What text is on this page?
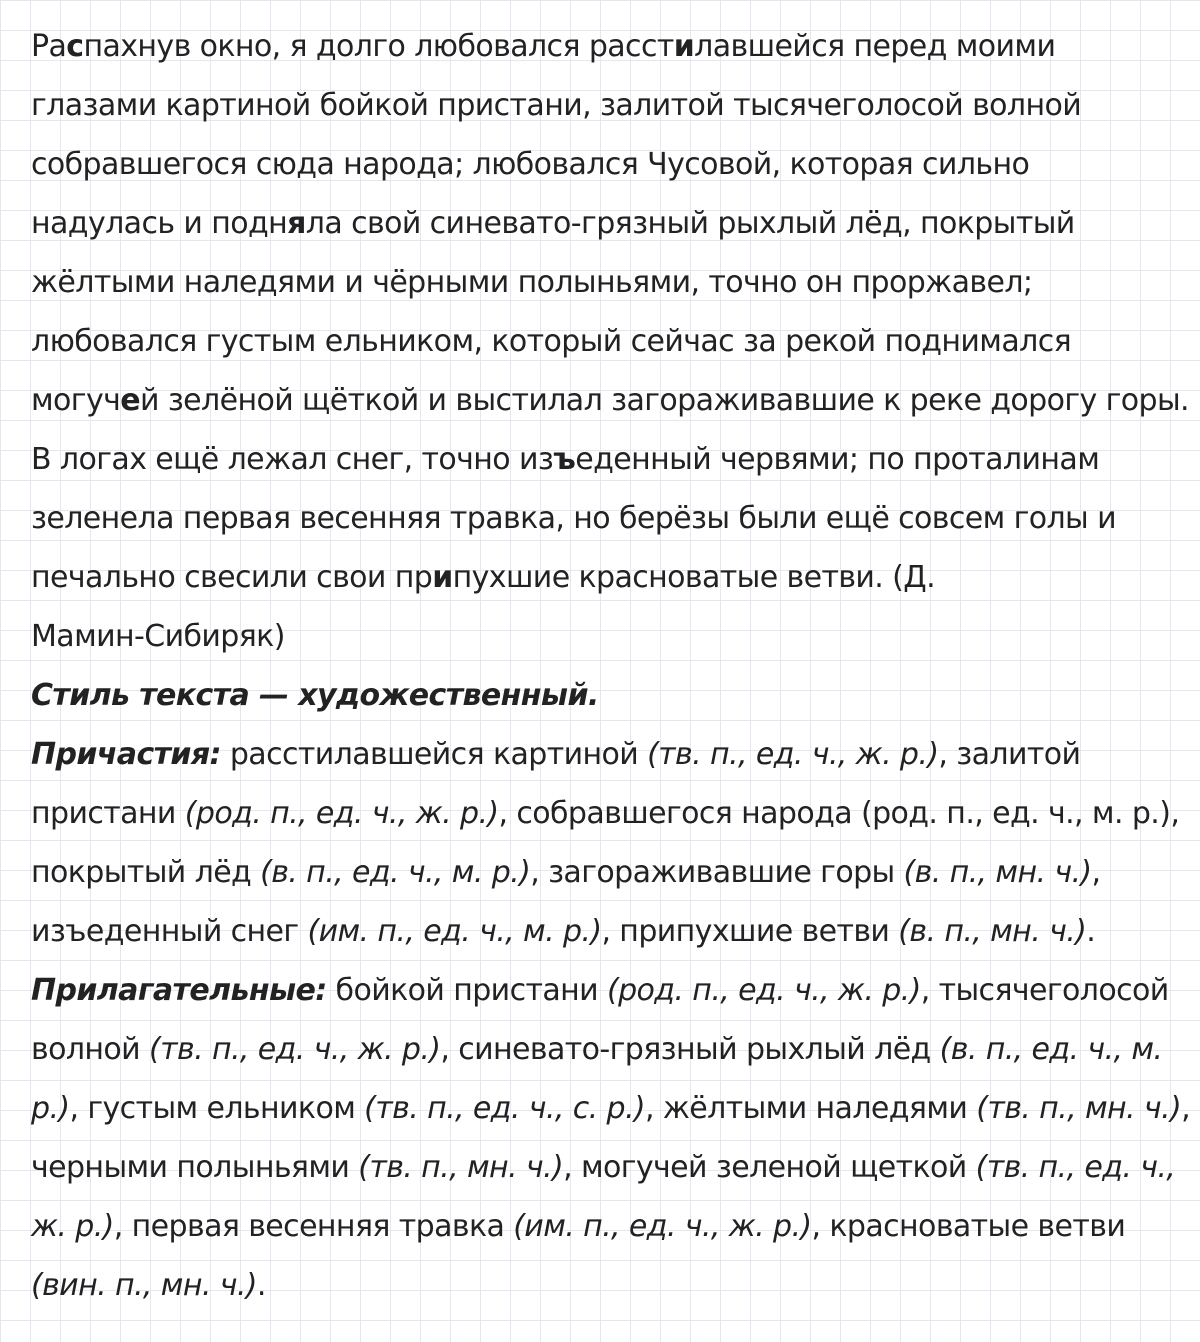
Распахнув окно, я долго любовался расстилавшейся перед моими
глазами картиной бойкой пристани, залитой тысячеголосой волной
собравшегося сюда народа; любовался Чусовой, которая сильно
надулась и подняла свой синевато-грязный рыхлый лёд, покрытый
жёлтыми наледями и чёрными полыньями, точно он проржавел;
любовался густым ельником, который сейчас за рекой поднимался
могучей зелёной щёткой и выстилал загораживавшие к реке дорогу горы.
В логах ещё лежал снег, точно изъеденный червями; по проталинам
зеленела первая весенняя травка, но берёзы были ещё совсем голы и
печально свесили свои припухшие красноватые ветви. (Д.
Мамин-Сибиряк)
Стиль текста — художественный.
Причастия: расстилавшейся картиной (тв. п., ед. ч., ж. р.), залитой
пристани (род. п., ед. ч., ж. р.), собравшегося народа (род. п., ед. ч., м. р.),
покрытый лёд (в. п., ед. ч., м. р.), загораживавшие горы (в. п., мн. ч.),
изъеденный снег (им. п., ед. ч., м. р.), припухшие ветви (в. п., мн. ч.).
Прилагательные: бойкой пристани (род. п., ед. ч., ж. р.), тысячеголосой
волной (тв. п., ед. ч., ж. р.), синевато-грязный рыхлый лёд (в. п., ед. ч., м.
р.), густым ельником (тв. п., ед. ч., с. р.), жёлтыми наледями (тв. п., мн. ч.),
черными полыньями (тв. п., мн. ч.), могучей зеленой щеткой (тв. п., ед. ч.,
ж. р.), первая весенняя травка (им. п., ед. ч., ж. р.), красноватые ветви
(вин. п., мн. ч.).
